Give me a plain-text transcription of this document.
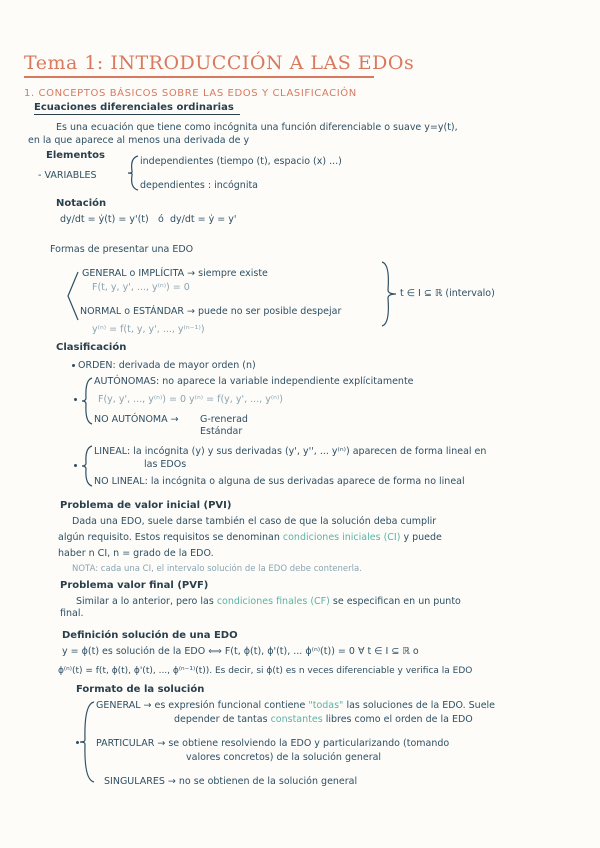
Tema 1: INTRODUCCIÓN A LAS EDOs
1. CONCEPTOS BÁSICOS SOBRE LAS EDOS Y CLASIFICACIÓN
Ecuaciones diferenciales ordinarias
Es una ecuación que tiene como incógnita una función diferenciable o suave y=y(t),
en la que aparece al menos una derivada de y
Elementos
- VARIABLES
independientes (tiempo (t), espacio (x) ...)
dependientes : incógnita
Notación
dy/dt = ẏ(t) = y'(t) ó dy/dt = ẏ = y'
Formas de presentar una EDO
GENERAL o IMPLÍCITA → siempre existe
F(t, y, y', ..., y⁽ⁿ⁾) = 0
NORMAL o ESTÁNDAR → puede no ser posible despejar
y⁽ⁿ⁾ = f(t, y, y', ..., y⁽ⁿ⁻¹⁾)
t ∈ I ⊆ ℝ (intervalo)
Clasificación
ORDEN: derivada de mayor orden (n)
AUTÓNOMAS: no aparece la variable independiente explícitamente
F(y, y', ..., y⁽ⁿ⁾) = 0 y⁽ⁿ⁾ = f(y, y', ..., y⁽ⁿ⁾)
NO AUTÓNOMA → G-renerad
Estándar
LINEAL: la incógnita (y) y sus derivadas (y', y'', ... y⁽ⁿ⁾) aparecen de forma lineal en
las EDOs
NO LINEAL: la incógnita o alguna de sus derivadas aparece de forma no lineal
Problema de valor inicial (PVI)
Dada una EDO, suele darse también el caso de que la solución deba cumplir
algún requisito. Estos requisitos se denominan condiciones iniciales (CI) y puede
haber n CI, n = grado de la EDO.
NOTA: cada una CI, el intervalo solución de la EDO debe contenerla.
Problema valor final (PVF)
Similar a lo anterior, pero las condiciones finales (CF) se especifican en un punto
final.
Definición solución de una EDO
y = ϕ(t) es solución de la EDO ⟺ F(t, ϕ(t), ϕ'(t), ... ϕ⁽ⁿ⁾(t)) = 0 ∀ t ∈ I ⊆ ℝ o
ϕ⁽ⁿ⁾(t) = f(t, ϕ(t), ϕ'(t), ..., ϕ⁽ⁿ⁻¹⁾(t)). Es decir, si ϕ(t) es n veces diferenciable y verifica la EDO
Formato de la solución
GENERAL → es expresión funcional contiene "todas" las soluciones de la EDO. Suele
depender de tantas constantes libres como el orden de la EDO
PARTICULAR → se obtiene resolviendo la EDO y particularizando (tomando
valores concretos) de la solución general
SINGULARES → no se obtienen de la solución general
